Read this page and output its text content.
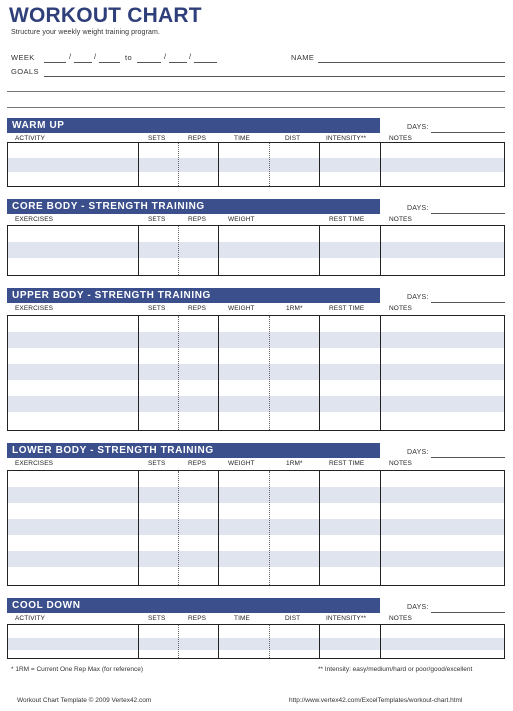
WORKOUT CHART
Structure your weekly weight training program.
WEEK	/	/	to	/	/	NAME
GOALS
WARM UP	DAYS:
ACTIVITY	SETS	REPS	TIME	DIST	INTENSITY**	NOTES
CORE BODY - STRENGTH TRAINING	DAYS:
EXERCISES	SETS	REPS	WEIGHT	REST TIME	NOTES
UPPER BODY - STRENGTH TRAINING	DAYS:
EXERCISES	SETS	REPS	WEIGHT	1RM*	REST TIME	NOTES
LOWER BODY - STRENGTH TRAINING	DAYS:
EXERCISES	SETS	REPS	WEIGHT	1RM*	REST TIME	NOTES
COOL DOWN	DAYS:
ACTIVITY	SETS	REPS	TIME	DIST	INTENSITY**	NOTES
* 1RM = Current One Rep Max (for reference)	** Intensity: easy/medium/hard or poor/good/excellent
Workout Chart Template © 2009 Vertex42.com	http://www.vertex42.com/ExcelTemplates/workout-chart.html
